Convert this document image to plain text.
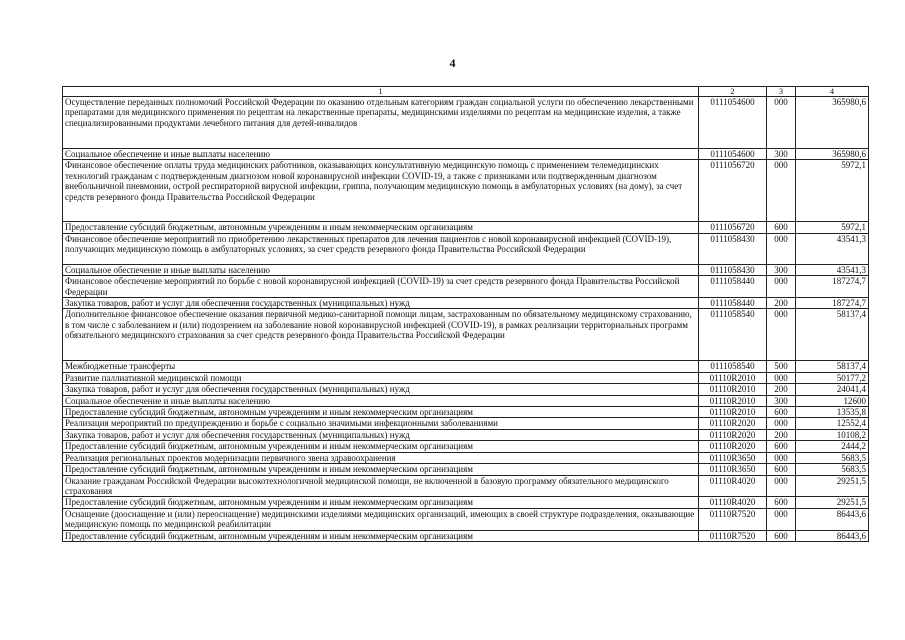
4
1	2	3	4
Осуществление переданных полномочий Российской Федерации по оказанию отдельным категориям граждан социальной услуги по обеспечению лекарственными препаратами для медицинского применения по рецептам на лекарственные препараты, медицинскими изделиями по рецептам на медицинские изделия, а также специализированными продуктами лечебного питания для детей-инвалидов	0111054600	000	365980,6
Социальное обеспечение и иные выплаты населению	0111054600	300	365980,6
Финансовое обеспечение оплаты труда медицинских работников, оказывающих консультативную медицинскую помощь с применением телемедицинских технологий гражданам с подтвержденным диагнозом новой коронавирусной инфекции COVID-19, а также с признаками или подтвержденным диагнозом внебольничной пневмонии, острой респираторной вирусной инфекции, гриппа, получающим медицинскую помощь в амбулаторных условиях (на дому), за счет средств резервного фонда Правительства Российской Федерации	0111056720	000	5972,1
Предоставление субсидий бюджетным, автономным учреждениям и иным некоммерческим организациям	0111056720	600	5972,1
Финансовое обеспечение мероприятий по приобретению лекарственных препаратов для лечения пациентов с новой коронавирусной инфекцией (COVID-19), получающих медицинскую помощь в амбулаторных условиях, за счет средств резервного фонда Правительства Российской Федерации	0111058430	000	43541,3
Социальное обеспечение и иные выплаты населению	0111058430	300	43541,3
Финансовое обеспечение мероприятий по борьбе с новой коронавирусной инфекцией (COVID-19) за счет средств резервного фонда Правительства Российской Федерации	0111058440	000	187274,7
Закупка товаров, работ и услуг для обеспечения государственных (муниципальных) нужд	0111058440	200	187274,7
Дополнительное финансовое обеспечение оказания первичной медико-санитарной помощи лицам, застрахованным по обязательному медицинскому страхованию, в том числе с заболеванием и (или) подозрением на заболевание новой коронавирусной инфекцией (COVID-19), в рамках реализации территориальных программ обязательного медицинского страхования за счет средств резервного фонда Правительства Российской Федерации	0111058540	000	58137,4
Межбюджетные трансферты	0111058540	500	58137,4
Развитие паллиативной медицинской помощи	01110R2010	000	50177,2
Закупка товаров, работ и услуг для обеспечения государственных (муниципальных) нужд	01110R2010	200	24041,4
Социальное обеспечение и иные выплаты населению	01110R2010	300	12600
Предоставление субсидий бюджетным, автономным учреждениям и иным некоммерческим организациям	01110R2010	600	13535,8
Реализация мероприятий по предупреждению и борьбе с социально значимыми инфекционными заболеваниями	01110R2020	000	12552,4
Закупка товаров, работ и услуг для обеспечения государственных (муниципальных) нужд	01110R2020	200	10108,2
Предоставление субсидий бюджетным, автономным учреждениям и иным некоммерческим организациям	01110R2020	600	2444,2
Реализация региональных проектов модернизации первичного звена здравоохранения	01110R3650	000	5683,5
Предоставление субсидий бюджетным, автономным учреждениям и иным некоммерческим организациям	01110R3650	600	5683,5
Оказание гражданам Российской Федерации высокотехнологичной медицинской помощи, не включенной в базовую программу обязательного медицинского страхования	01110R4020	000	29251,5
Предоставление субсидий бюджетным, автономным учреждениям и иным некоммерческим организациям	01110R4020	600	29251,5
Оснащение (дооснащение и (или) переоснащение) медицинскими изделиями медицинских организаций, имеющих в своей структуре подразделения, оказывающие медицинскую помощь по медицинской реабилитации	01110R7520	000	86443,6
Предоставление субсидий бюджетным, автономным учреждениям и иным некоммерческим организациям	01110R7520	600	86443,6
